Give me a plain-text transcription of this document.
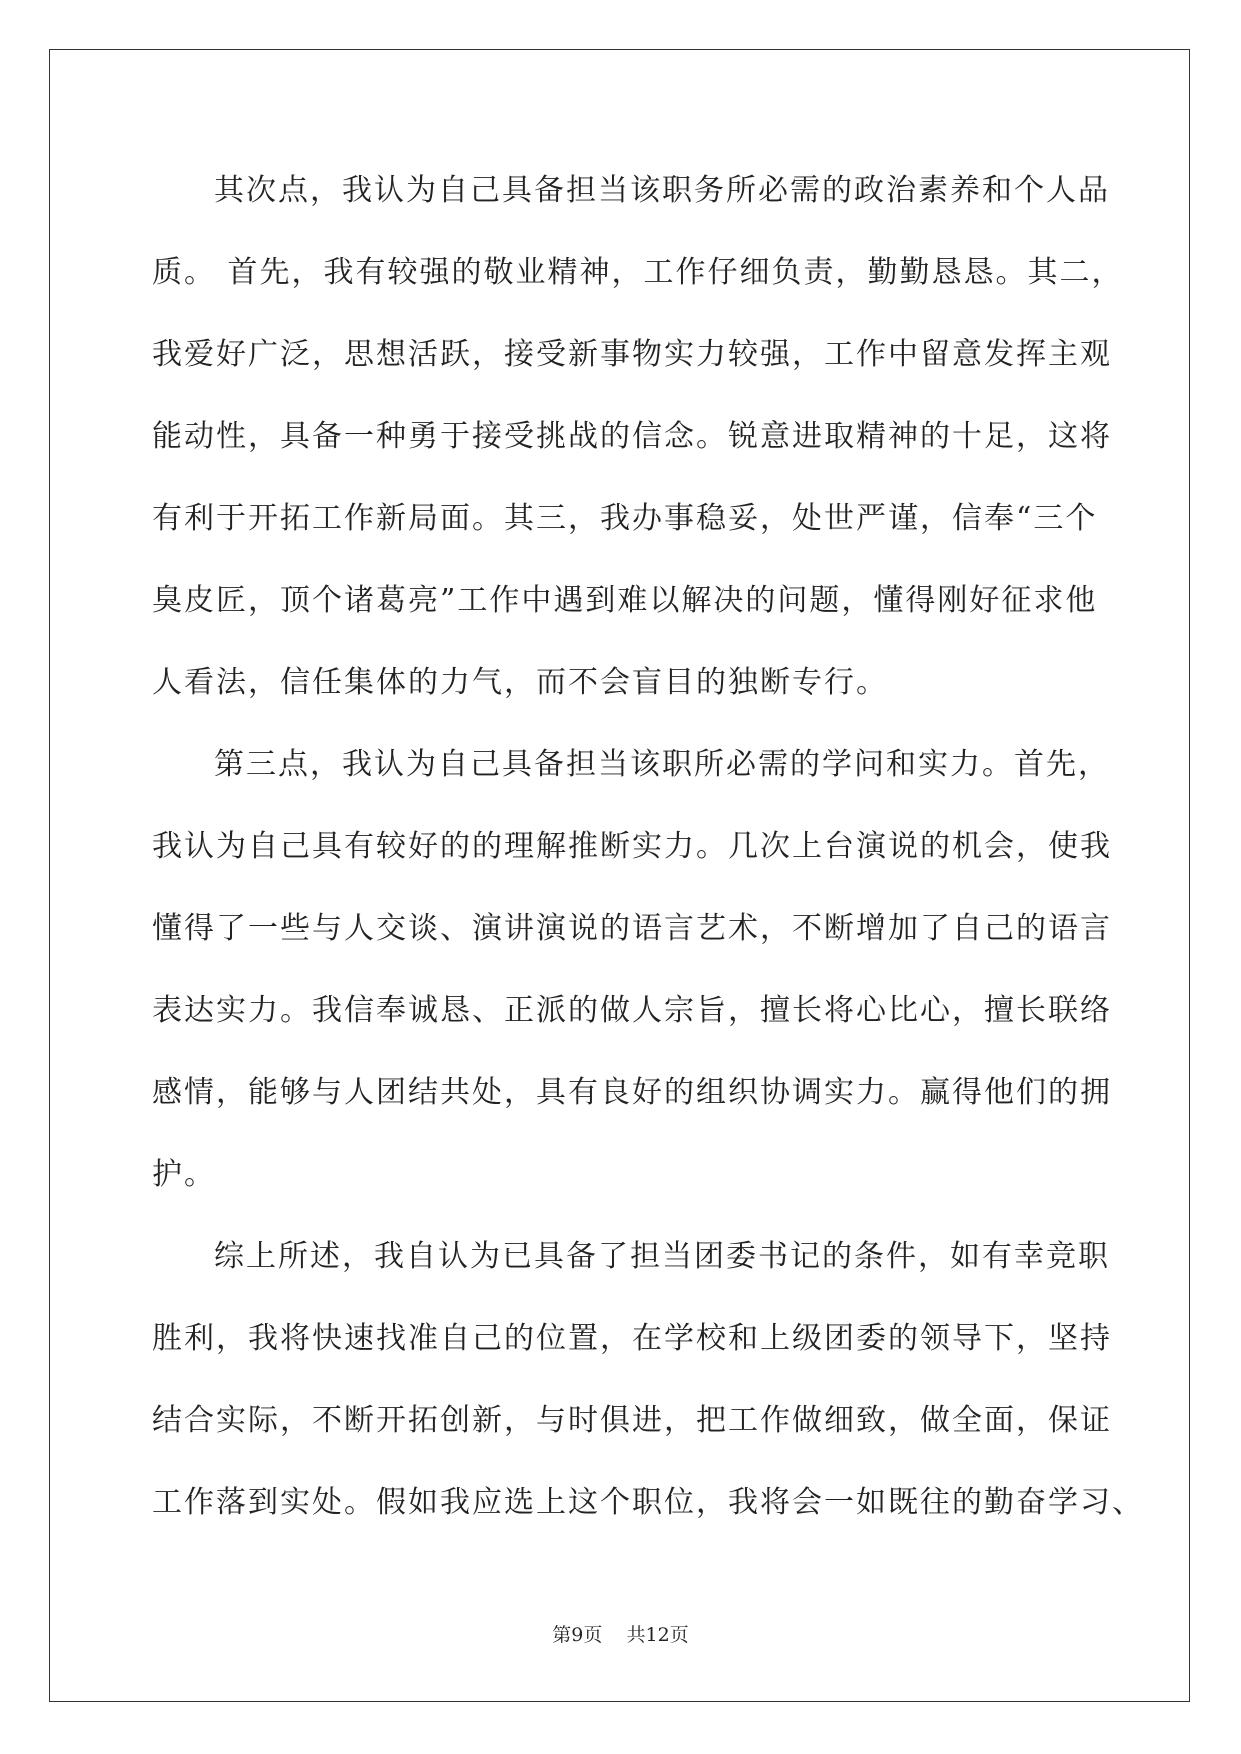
其次点，我认为自己具备担当该职务所必需的政治素养和个人品
质。 首先，我有较强的敬业精神，工作仔细负责，勤勤恳恳。其二，
我爱好广泛，思想活跃，接受新事物实力较强，工作中留意发挥主观
能动性，具备一种勇于接受挑战的信念。锐意进取精神的十足，这将
有利于开拓工作新局面。其三，我办事稳妥，处世严谨，信奉“三个
臭皮匠，顶个诸葛亮”工作中遇到难以解决的问题，懂得刚好征求他
人看法，信任集体的力气，而不会盲目的独断专行。
第三点，我认为自己具备担当该职所必需的学问和实力。首先，
我认为自己具有较好的的理解推断实力。几次上台演说的机会，使我
懂得了一些与人交谈、演讲演说的语言艺术，不断增加了自己的语言
表达实力。我信奉诚恳、正派的做人宗旨，擅长将心比心，擅长联络
感情，能够与人团结共处，具有良好的组织协调实力。赢得他们的拥
护。
综上所述，我自认为已具备了担当团委书记的条件，如有幸竞职
胜利，我将快速找准自己的位置，在学校和上级团委的领导下，坚持
结合实际，不断开拓创新，与时俱进，把工作做细致，做全面，保证
工作落到实处。假如我应选上这个职位，我将会一如既往的勤奋学习、
第9页 共12页
